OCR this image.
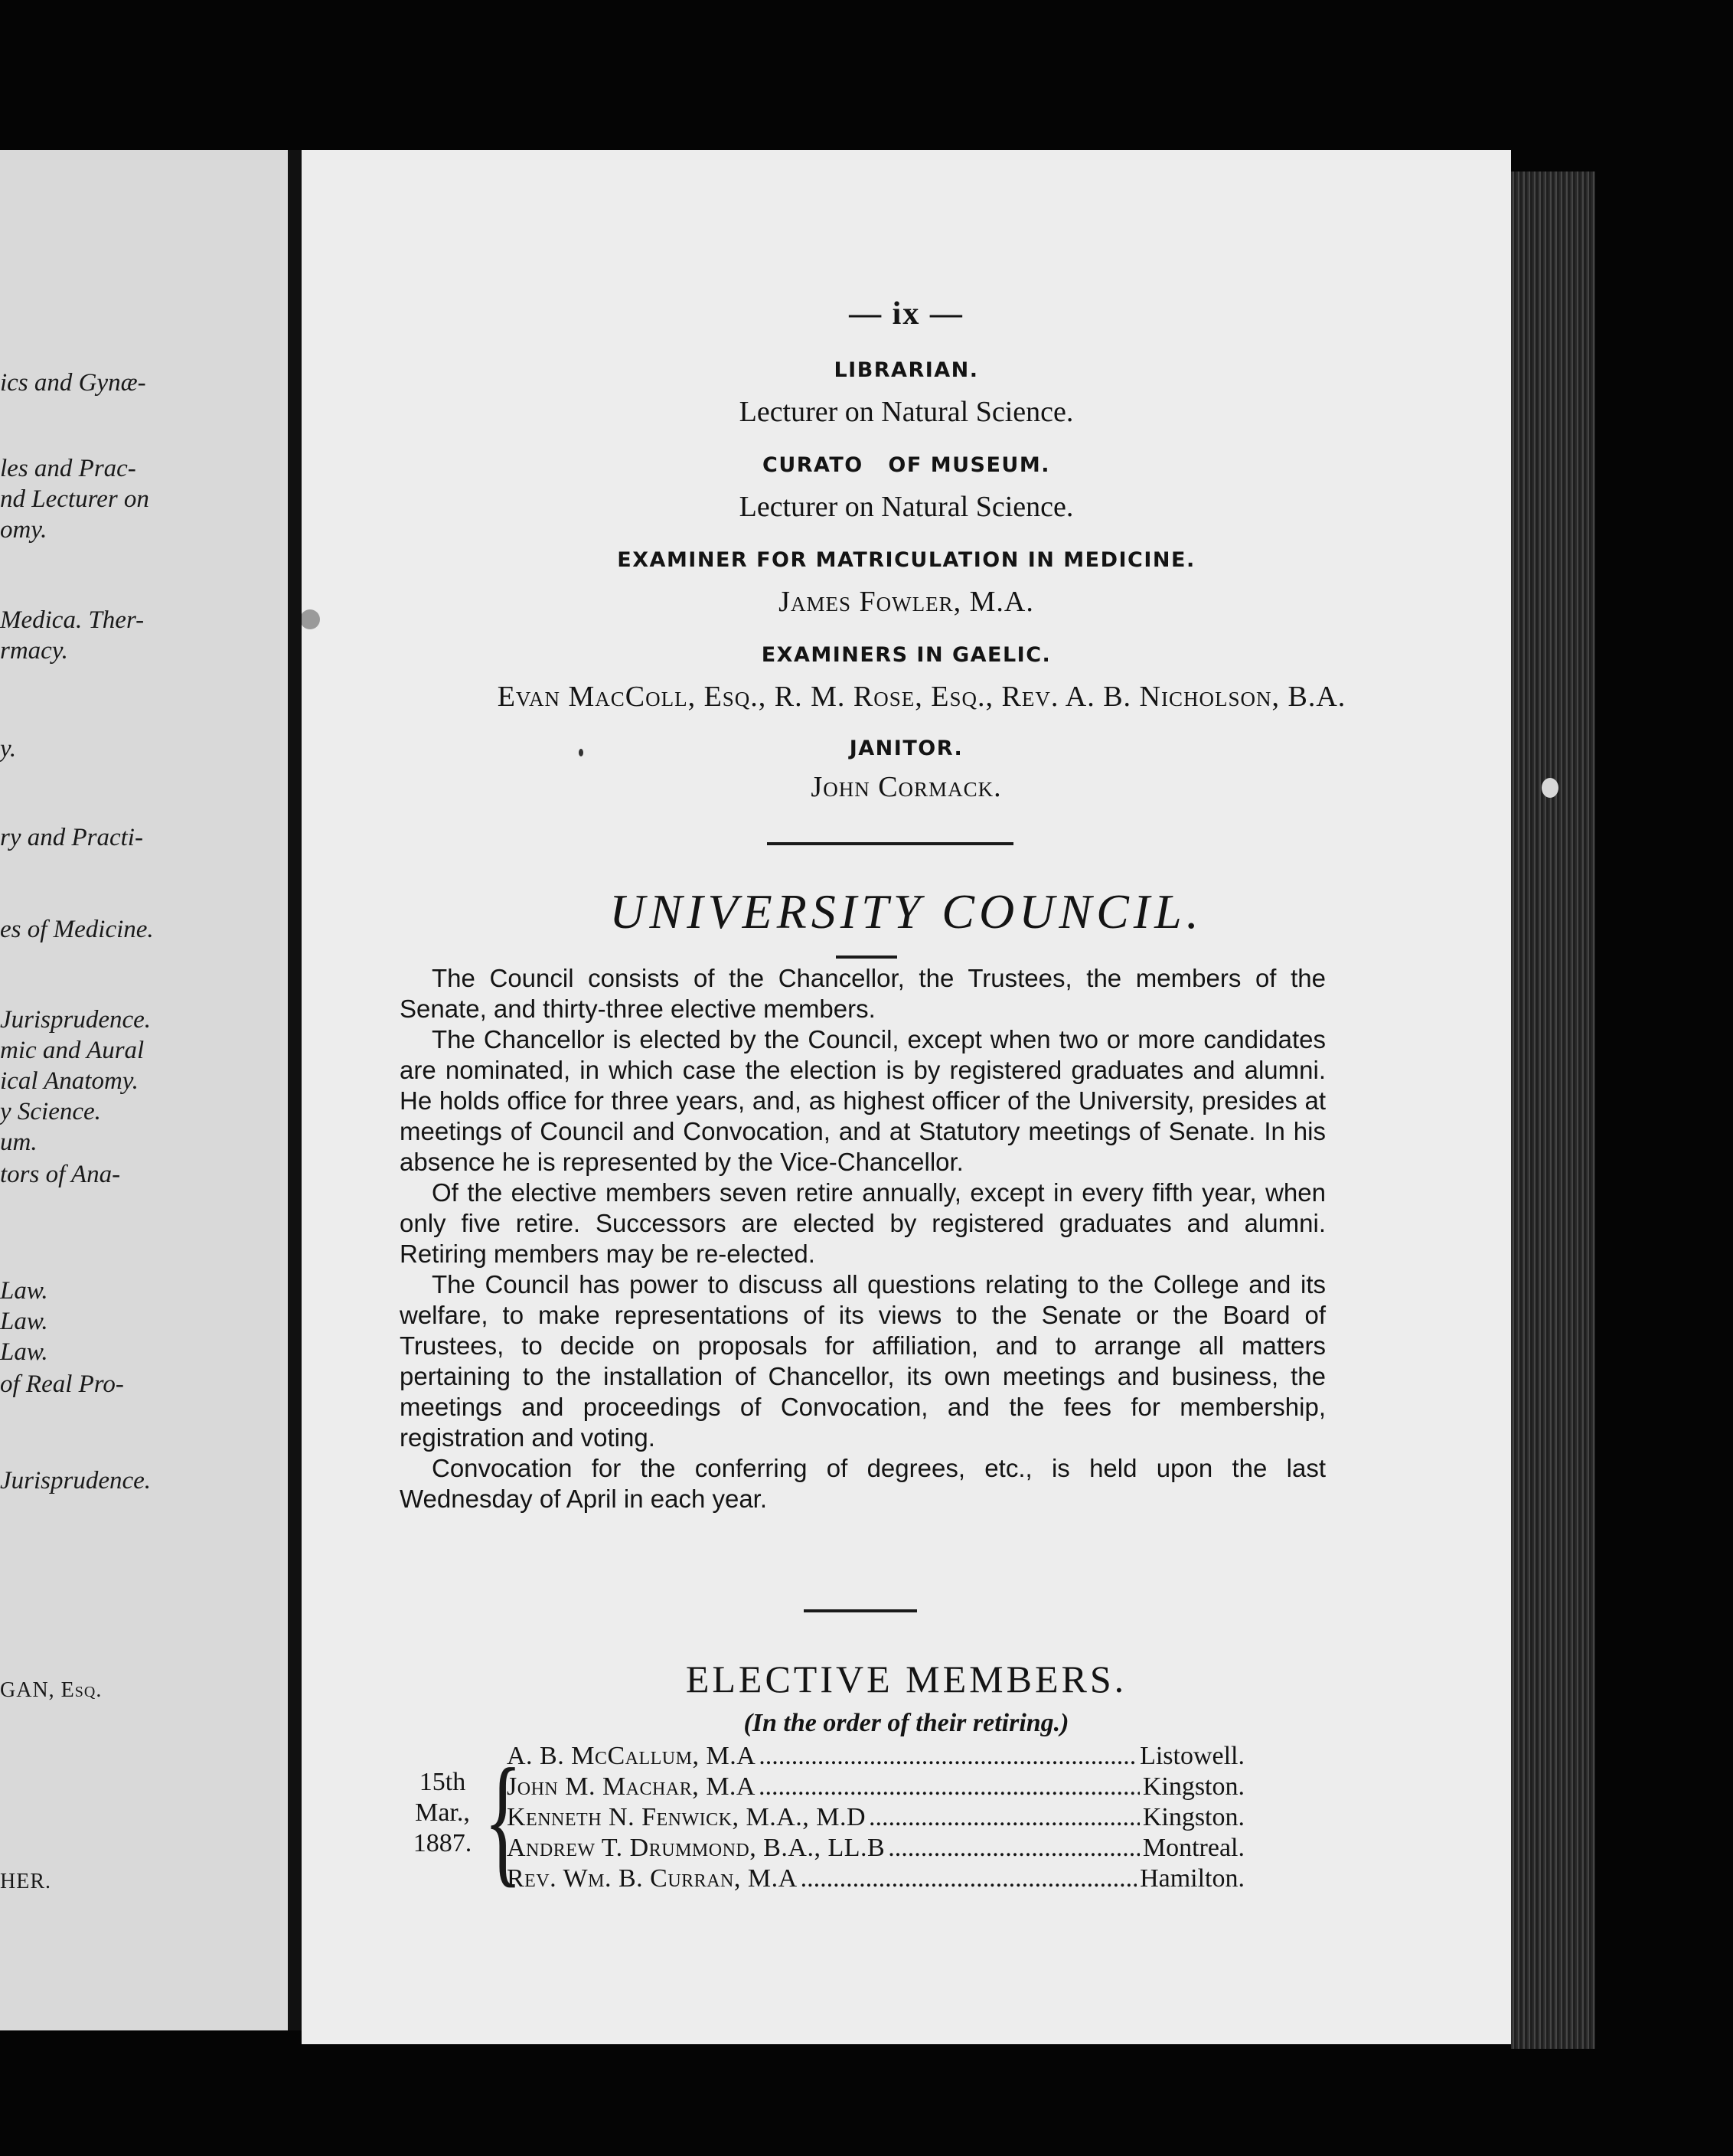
ics and Gynæ-
les and Prac-
nd Lecturer on
omy.
Medica. Ther-
rmacy.
y.
ry and Practi-
es of Medicine.
Jurisprudence.
mic and Aural
ical Anatomy.
y Science.
um.
tors of Ana-
Law.
Law.
Law.
of Real Pro-
Jurisprudence.
GAN, Esq.
HER.
— ix —
LIBRARIAN.
Lecturer on Natural Science.
CURATO   OF MUSEUM.
Lecturer on Natural Science.
EXAMINER FOR MATRICULATION IN MEDICINE.
James Fowler, M.A.
EXAMINERS IN GAELIC.
Evan MacColl, Esq., R. M. Rose, Esq., Rev. A. B. Nicholson, B.A.
JANITOR.
John Cormack.
UNIVERSITY COUNCIL.

The Council consists of the Chancellor, the Trustees, the members of the Senate, and thirty-three elective members.

The Chancellor is elected by the Council, except when two or more candidates are nominated, in which case the election is by registered graduates and alumni. He holds office for three years, and, as highest officer of the University, presides at meetings of Council and Convocation, and at Statutory meetings of Senate. In his absence he is represented by the Vice-Chancellor.

Of the elective members seven retire annually, except in every fifth year, when only five retire. Successors are elected by registered graduates and alumni. Retiring members may be re-elected.

The Council has power to discuss all questions relating to the College and its welfare, to make representations of its views to the Senate or the Board of Trustees, to decide on proposals for affiliation, and to arrange all matters pertaining to the installation of Chancellor, its own meetings and business, the meetings and proceedings of Convocation, and the fees for membership, registration and voting.

Convocation for the conferring of degrees, etc., is held upon the last Wednesday of April in each year.

ELECTIVE MEMBERS.
(In the order of their retiring.)
15th
Mar.,
1887. {
A. B. McCallum, M.A .....	Listowell.
John M. Machar, M.A .....	Kingston.
Kenneth N. Fenwick, M.A., M.D .....	Kingston.
Andrew T. Drummond, B.A., LL.B .....	Montreal.
Rev. Wm. B. Curran, M.A .....	Hamilton.
